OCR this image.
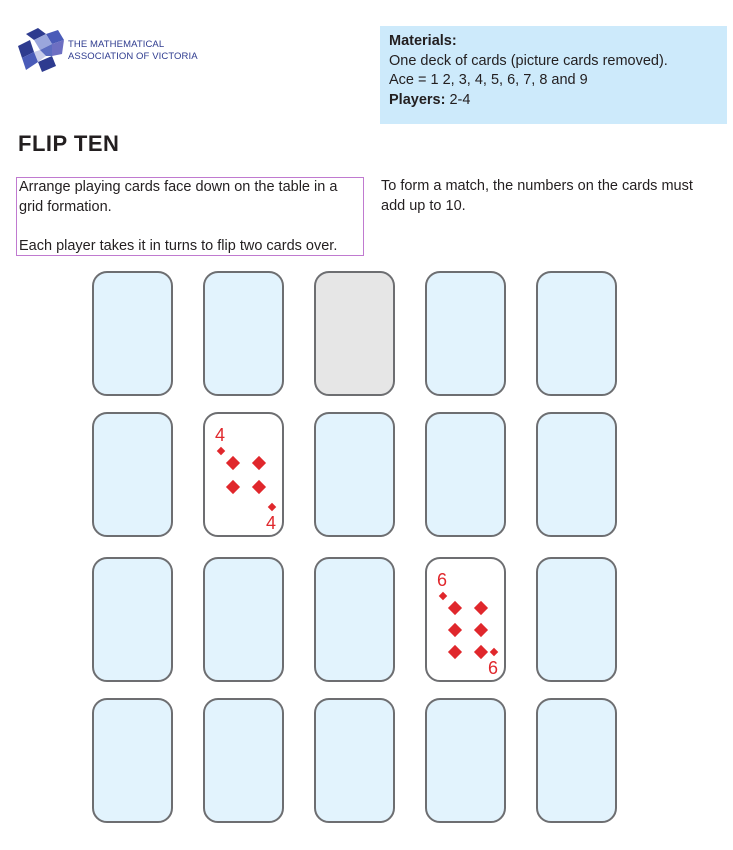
THE MATHEMATICAL
ASSOCIATION OF VICTORIA
Materials:
One deck of cards (picture cards removed).
Ace = 1 2, 3, 4, 5, 6, 7, 8 and 9
Players: 2-4
FLIP TEN

Arrange playing cards face down on the table in a grid formation.

Each player takes it in turns to flip two cards over.

To form a match, the numbers on the cards must add up to 10.
4
4
6
6
